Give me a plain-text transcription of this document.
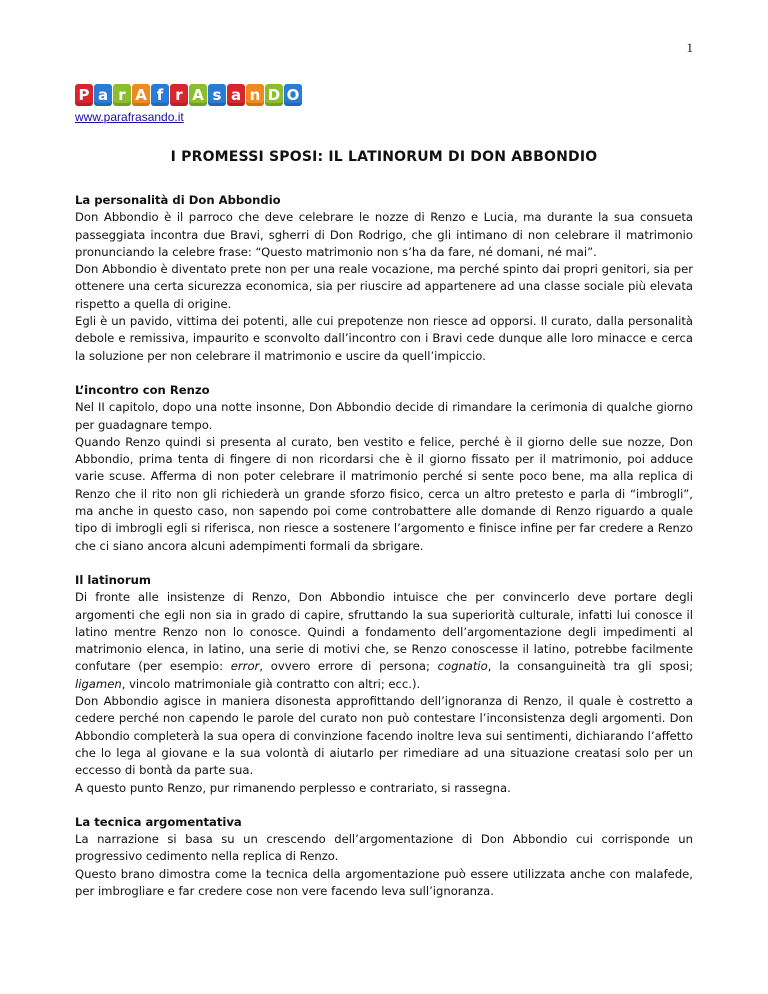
1
P a r A f r A s a n D O
www.parafrasando.it
I PROMESSI SPOSI: IL LATINORUM DI DON ABBONDIO
La personalità di Don Abbondio

Don Abbondio è il parroco che deve celebrare le nozze di Renzo e Lucia, ma durante la sua consueta passeggiata incontra due Bravi, sgherri di Don Rodrigo, che gli intimano di non celebrare il matrimonio pronunciando la celebre frase: “Questo matrimonio non s’ha da fare, né domani, né mai”.

Don Abbondio è diventato prete non per una reale vocazione, ma perché spinto dai propri genitori, sia per ottenere una certa sicurezza economica, sia per riuscire ad appartenere ad una classe sociale più elevata rispetto a quella di origine.

Egli è un pavido, vittima dei potenti, alle cui prepotenze non riesce ad opporsi. Il curato, dalla personalità debole e remissiva, impaurito e sconvolto dall’incontro con i Bravi cede dunque alle loro minacce e cerca la soluzione per non celebrare il matrimonio e uscire da quell’impiccio.

L’incontro con Renzo

Nel II capitolo, dopo una notte insonne, Don Abbondio decide di rimandare la cerimonia di qualche giorno per guadagnare tempo.

Quando Renzo quindi si presenta al curato, ben vestito e felice, perché è il giorno delle sue nozze, Don Abbondio, prima tenta di fingere di non ricordarsi che è il giorno fissato per il matrimonio, poi adduce varie scuse. Afferma di non poter celebrare il matrimonio perché si sente poco bene, ma alla replica di Renzo che il rito non gli richiederà un grande sforzo fisico, cerca un altro pretesto e parla di “imbrogli”, ma anche in questo caso, non sapendo poi come controbattere alle domande di Renzo riguardo a quale tipo di imbrogli egli si riferisca, non riesce a sostenere l’argomento e finisce infine per far credere a Renzo che ci siano ancora alcuni adempimenti formali da sbrigare.

Il latinorum

Di fronte alle insistenze di Renzo, Don Abbondio intuisce che per convincerlo deve portare degli argomenti che egli non sia in grado di capire, sfruttando la sua superiorità culturale, infatti lui conosce il latino mentre Renzo non lo conosce. Quindi a fondamento dell’argomentazione degli impedimenti al matrimonio elenca, in latino, una serie di motivi che, se Renzo conoscesse il latino, potrebbe facilmente confutare (per esempio: error, ovvero errore di persona; cognatio, la consanguineità tra gli sposi; ligamen, vincolo matrimoniale già contratto con altri; ecc.).

Don Abbondio agisce in maniera disonesta approfittando dell’ignoranza di Renzo, il quale è costretto a cedere perché non capendo le parole del curato non può contestare l’inconsistenza degli argomenti. Don Abbondio completerà la sua opera di convinzione facendo inoltre leva sui sentimenti, dichiarando l’affetto che lo lega al giovane e la sua volontà di aiutarlo per rimediare ad una situazione creatasi solo per un eccesso di bontà da parte sua.

A questo punto Renzo, pur rimanendo perplesso e contrariato, si rassegna.

La tecnica argomentativa

La narrazione si basa su un crescendo dell’argomentazione di Don Abbondio cui corrisponde un progressivo cedimento nella replica di Renzo.

Questo brano dimostra come la tecnica della argomentazione può essere utilizzata anche con malafede, per imbrogliare e far credere cose non vere facendo leva sull’ignoranza.
